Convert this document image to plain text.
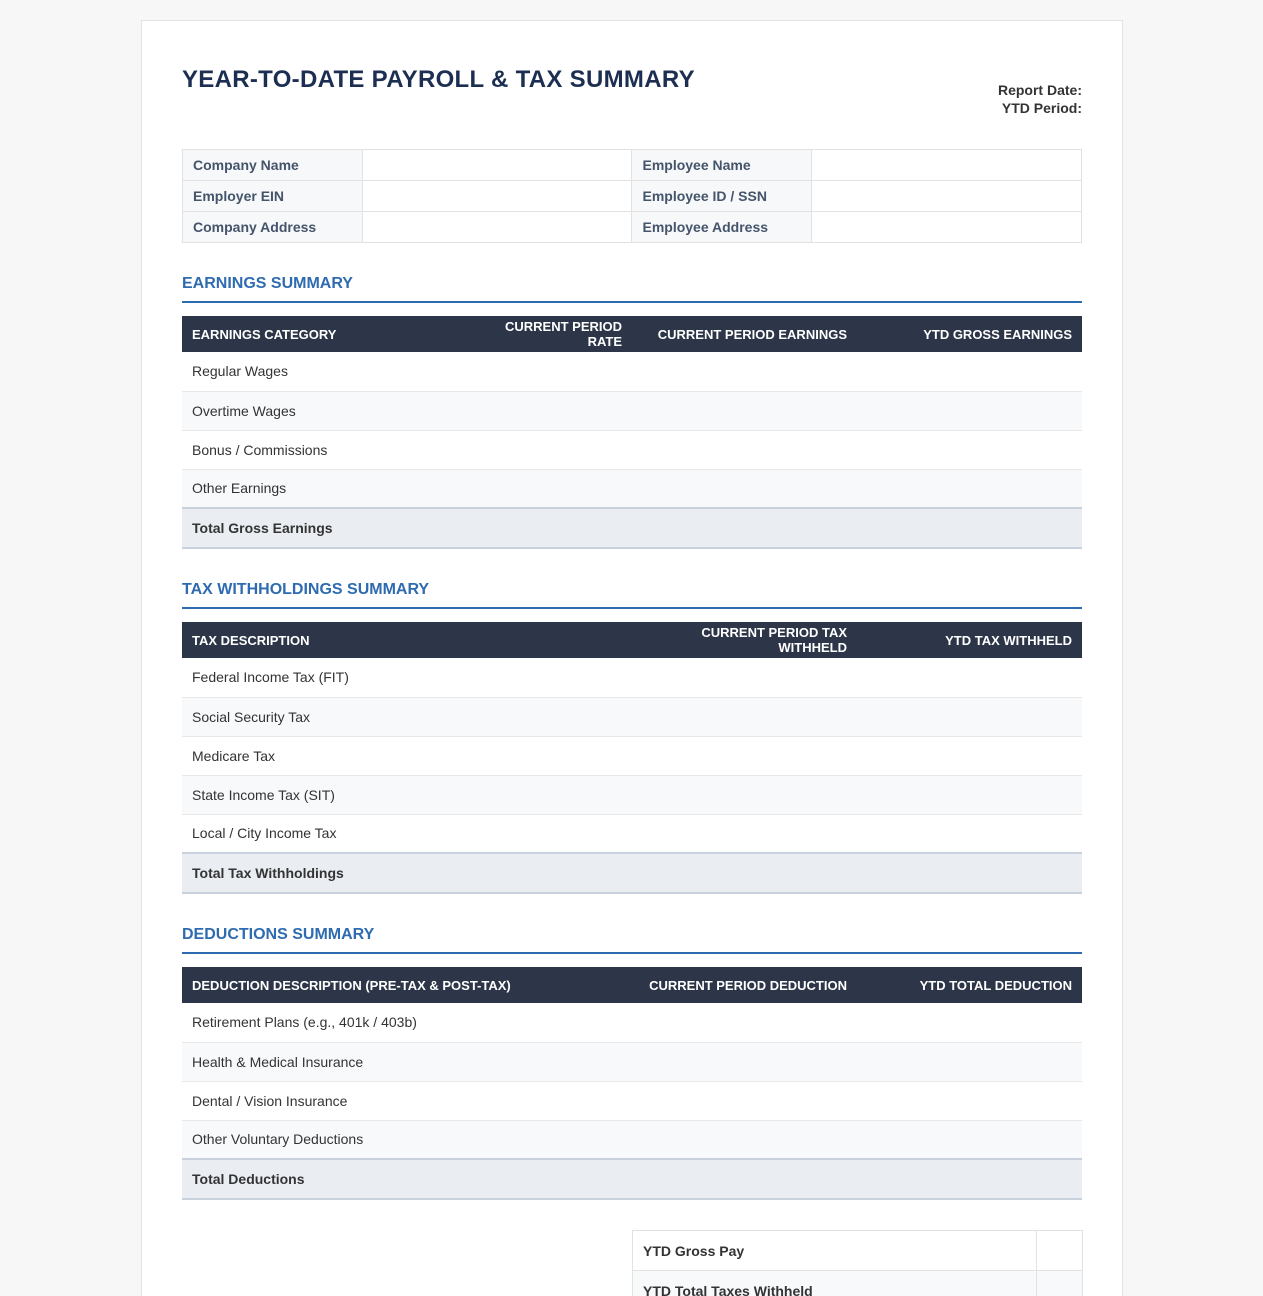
YEAR-TO-DATE PAYROLL & TAX SUMMARY	Report Date:
YTD Period:
Company Name		Employee Name	
Employer EIN		Employee ID / SSN	
Company Address		Employee Address	
EARNINGS SUMMARY
EARNINGS CATEGORY	CURRENT PERIOD RATE	CURRENT PERIOD EARNINGS	YTD GROSS EARNINGS
Regular Wages			
Overtime Wages			
Bonus / Commissions			
Other Earnings			
Total Gross Earnings			
TAX WITHHOLDINGS SUMMARY
TAX DESCRIPTION	CURRENT PERIOD TAX WITHHELD	YTD TAX WITHHELD
Federal Income Tax (FIT)		
Social Security Tax		
Medicare Tax		
State Income Tax (SIT)		
Local / City Income Tax		
Total Tax Withholdings		
DEDUCTIONS SUMMARY
DEDUCTION DESCRIPTION (PRE-TAX & POST-TAX)	CURRENT PERIOD DEDUCTION	YTD TOTAL DEDUCTION
Retirement Plans (e.g., 401k / 403b)		
Health & Medical Insurance		
Dental / Vision Insurance		
Other Voluntary Deductions		
Total Deductions		
YTD Gross Pay	
YTD Total Taxes Withheld	
